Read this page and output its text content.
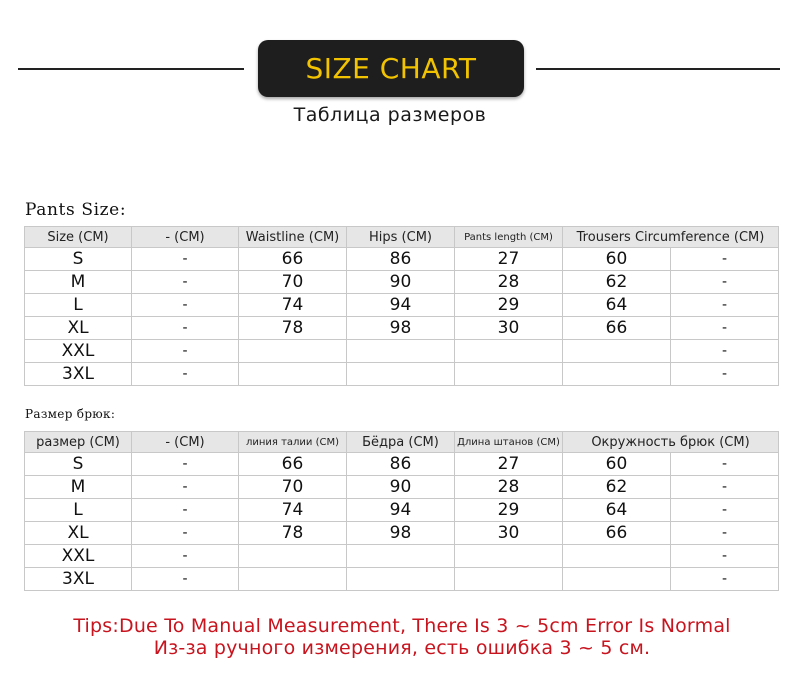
SIZE CHART
Таблица размеров
Pants Size:
Size (CM)	- (CM)	Waistline (CM)	Hips (CM)	Pants length (CM)	Trousers Circumference (CM)	
S	-	66	86	27	60	-
M	-	70	90	28	62	-
L	-	74	94	29	64	-
XL	-	78	98	30	66	-
XXL	-					-
3XL	-					-
Размер брюк:
размер (CM)	- (CM)	линия талии (CM)	Бёдра (CM)	Длина штанов (CM)	Окружность брюк (CM)	
S	-	66	86	27	60	-
M	-	70	90	28	62	-
L	-	74	94	29	64	-
XL	-	78	98	30	66	-
XXL	-					-
3XL	-					-
Tips:Due To Manual Measurement, There Is 3 ~ 5cm Error Is Normal
Из-за ручного измерения, есть ошибка 3 ~ 5 см.
